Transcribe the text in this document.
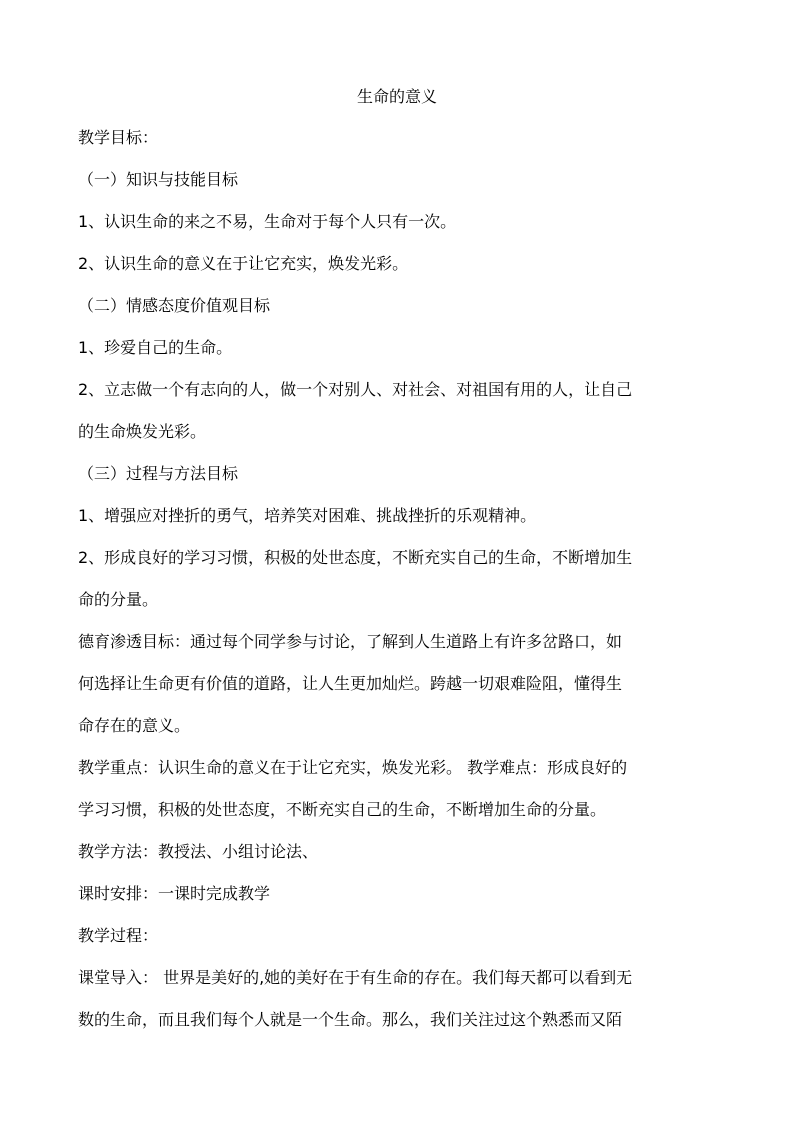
生命的意义
教学目标：
（一）知识与技能目标
1、认识生命的来之不易，生命对于每个人只有一次。
2、认识生命的意义在于让它充实，焕发光彩。
（二）情感态度价值观目标
1、珍爱自己的生命。
2、立志做一个有志向的人，做一个对别人、对社会、对祖国有用的人，让自己
的生命焕发光彩。
（三）过程与方法目标
1、增强应对挫折的勇气，培养笑对困难、挑战挫折的乐观精神。
2、形成良好的学习习惯，积极的处世态度，不断充实自己的生命，不断增加生
命的分量。
德育渗透目标：通过每个同学参与讨论，了解到人生道路上有许多岔路口，如
何选择让生命更有价值的道路，让人生更加灿烂。跨越一切艰难险阻，懂得生
命存在的意义。
教学重点：认识生命的意义在于让它充实，焕发光彩。 教学难点：形成良好的
学习习惯，积极的处世态度，不断充实自己的生命，不断增加生命的分量。
教学方法：教授法、小组讨论法、
课时安排：一课时完成教学
教学过程：
课堂导入： 世界是美好的,她的美好在于有生命的存在。我们每天都可以看到无
数的生命，而且我们每个人就是一个生命。那么，我们关注过这个熟悉而又陌
